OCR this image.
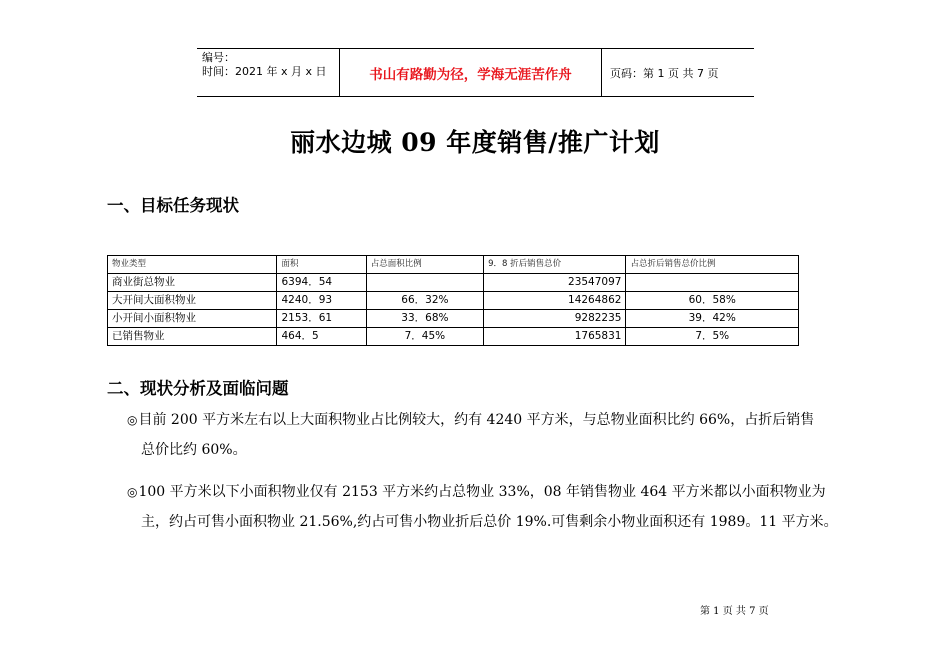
编号：
时间：2021 年 x 月 x 日	书山有路勤为径，学海无涯苦作舟	页码：第 1 页 共 7 页
丽水边城 09 年度销售/推广计划
一、目标任务现状
物业类型	面积	占总面积比例	9．8 折后销售总价	占总折后销售总价比例
商业街总物业	6394．54		23547097	
大开间大面积物业	4240．93	66．32%	14264862	60．58%
小开间小面积物业	2153．61	33．68%	9282235	39．42%
已销售物业	464．5	7．45%	1765831	7．5%
二、现状分析及面临问题
◎目前 200 平方米左右以上大面积物业占比例较大，约有 4240 平方米，与总物业面积比约 66%，占折后销售
总价比约 60%。
◎100 平方米以下小面积物业仅有 2153 平方米约占总物业 33%，08 年销售物业 464 平方米都以小面积物业为
主，约占可售小面积物业 21.56%,约占可售小物业折后总价 19%.可售剩余小物业面积还有 1989。11 平方米。
第 1 页 共 7 页
